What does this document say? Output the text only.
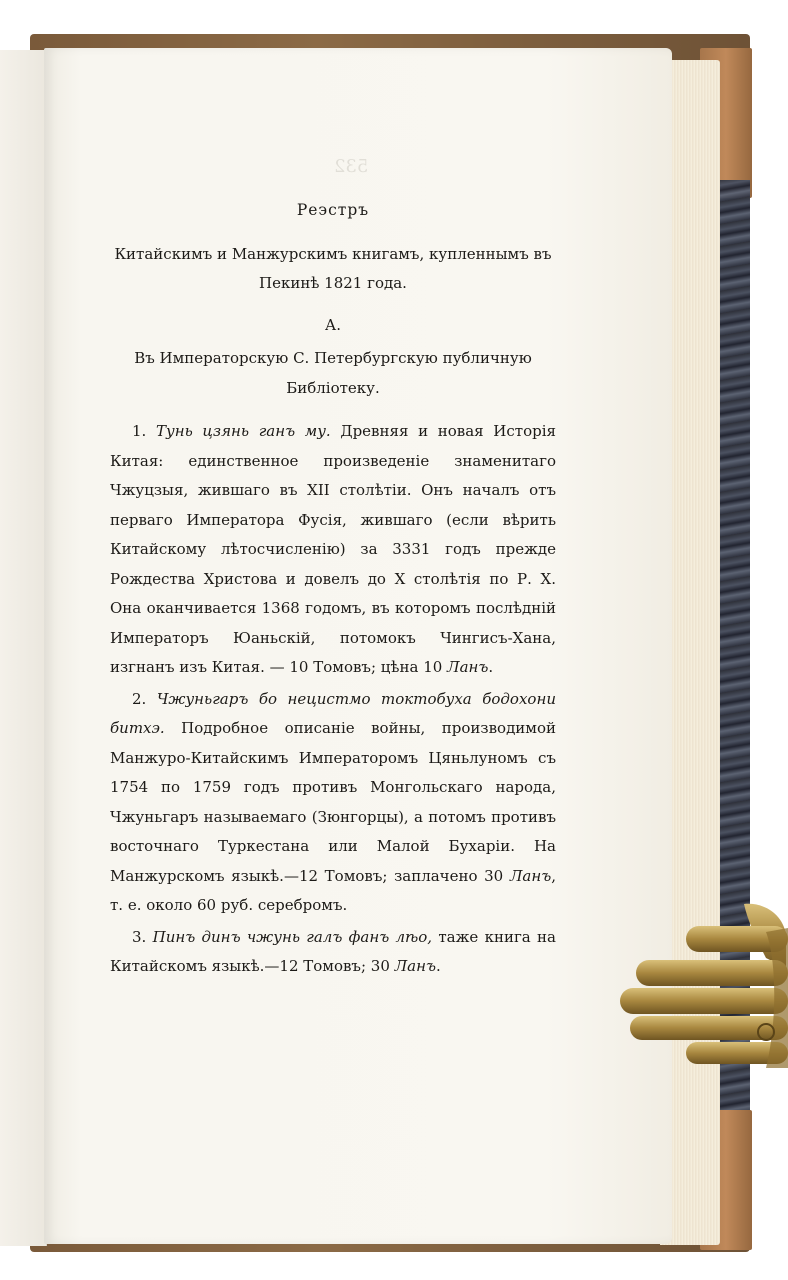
532
Реэстръ
Китайскимъ и Манжурскимъ книгамъ, купленнымъ въ Пекинѣ 1821 года.
А.
Въ Императорскую С. Петербургскую публичную Библіотеку.

1. Тунь цзянь ганъ му. Древняя и новая Исторія Китая: единственное произведеніе знаменитаго Чжуцзыя, жившаго въ XII столѣтіи. Онъ началъ отъ перваго Императора Фусія, жившаго (если вѣрить Китайскому лѣтосчисленію) за 3331 годъ прежде Рождества Христова и довелъ до X столѣтія по Р. Х. Она оканчивается 1368 годомъ, въ которомъ послѣдній Императоръ Юаньскій, потомокъ Чингисъ-Хана, изгнанъ изъ Китая. — 10 Томовъ; цѣна 10 Ланъ.

2. Чжуньгаръ бо нецистмо токтобуха бодохони битхэ. Подробное описаніе войны, производимой Манжуро-Китайскимъ Императоромъ Цяньлуномъ съ 1754 по 1759 годъ противъ Монгольскаго народа, Чжуньгаръ называемаго (Зюнгорцы), а потомъ противъ восточнаго Туркестана или Малой Бухаріи. На Манжурскомъ языкѣ.—12 Томовъ; заплачено 30 Ланъ, т. е. около 60 руб. серебромъ.

3. Пинъ динъ чжунь галъ фанъ лѣо, таже книга на Китайскомъ языкѣ.—12 Томовъ; 30 Ланъ.
